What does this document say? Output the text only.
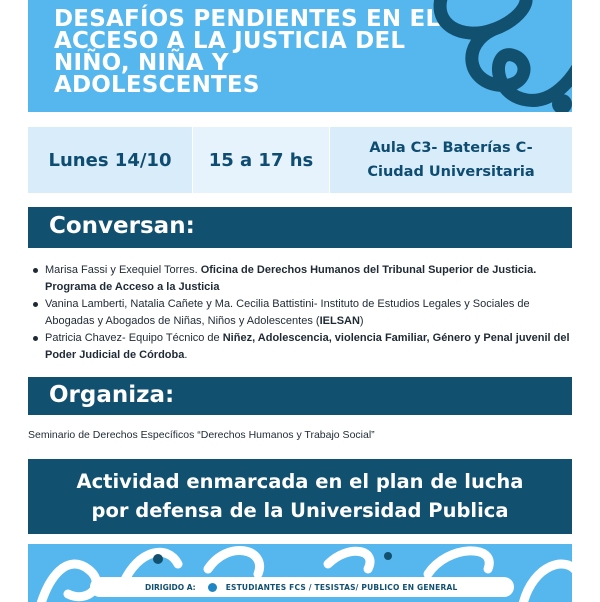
DESAFÍOS PENDIENTES EN EL
ACCESO A LA JUSTICIA DEL
NIÑO, NIÑA Y
ADOLESCENTES
Lunes 14/10 15 a 17 hs
Aula C3- Baterías C-
Ciudad Universitaria
Conversan:
Marisa Fassi y Exequiel Torres. Oficina de Derechos Humanos del Tribunal Superior de Justicia. Programa de Acceso a la Justicia
Vanina Lamberti, Natalia Cañete y Ma. Cecilia Battistini- Instituto de Estudios Legales y Sociales de Abogadas y Abogados de Niñas, Niños y Adolescentes (IELSAN)
Patricia Chavez- Equipo Técnico de Niñez, Adolescencia, violencia Familiar, Género y Penal juvenil del Poder Judicial de Córdoba.
Organiza:
Seminario de Derechos Específicos “Derechos Humanos y Trabajo Social”
Actividad enmarcada en el plan de lucha
por defensa de la Universidad Publica
DIRIGIDO A:	ESTUDIANTES FCS / TESISTAS/ PUBLICO EN GENERAL
